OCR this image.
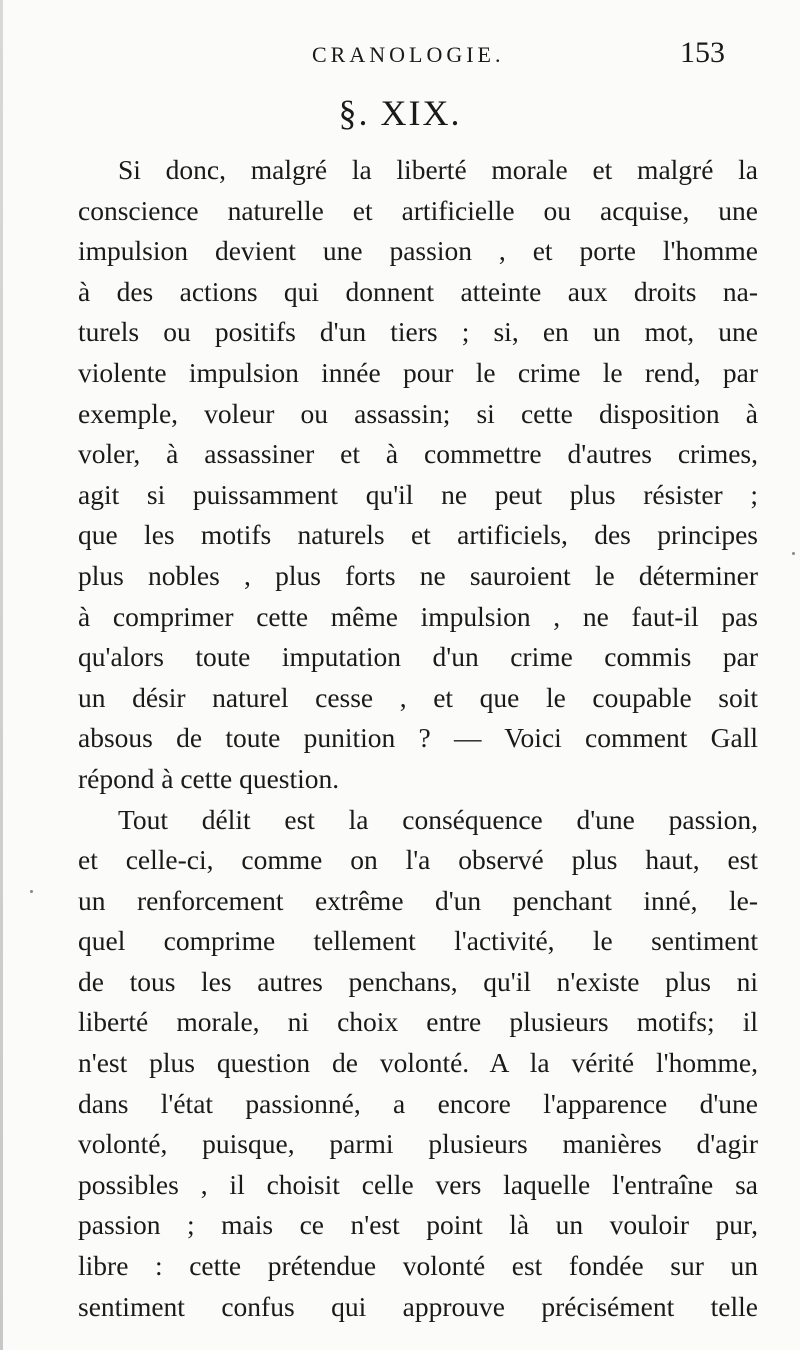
CRANOLOGIE.	153
§. XIX.
Si donc, malgré la liberté morale et malgré la
conscience naturelle et artificielle ou acquise, une
impulsion devient une passion , et porte l'homme
à des actions qui donnent atteinte aux droits na-
turels ou positifs d'un tiers ; si, en un mot, une
violente impulsion innée pour le crime le rend, par
exemple, voleur ou assassin; si cette disposition à
voler, à assassiner et à commettre d'autres crimes,
agit si puissamment qu'il ne peut plus résister ;
que les motifs naturels et artificiels, des principes
plus nobles , plus forts ne sauroient le déterminer
à comprimer cette même impulsion , ne faut-il pas
qu'alors toute imputation d'un crime commis par
un désir naturel cesse , et que le coupable soit
absous de toute punition ? — Voici comment Gall
répond à cette question.
Tout délit est la conséquence d'une passion,
et celle-ci, comme on l'a observé plus haut, est
un renforcement extrême d'un penchant inné, le-
quel comprime tellement l'activité, le sentiment
de tous les autres penchans, qu'il n'existe plus ni
liberté morale, ni choix entre plusieurs motifs; il
n'est plus question de volonté. A la vérité l'homme,
dans l'état passionné, a encore l'apparence d'une
volonté, puisque, parmi plusieurs manières d'agir
possibles , il choisit celle vers laquelle l'entraîne sa
passion ; mais ce n'est point là un vouloir pur,
libre : cette prétendue volonté est fondée sur un
sentiment confus qui approuve précisément telle
